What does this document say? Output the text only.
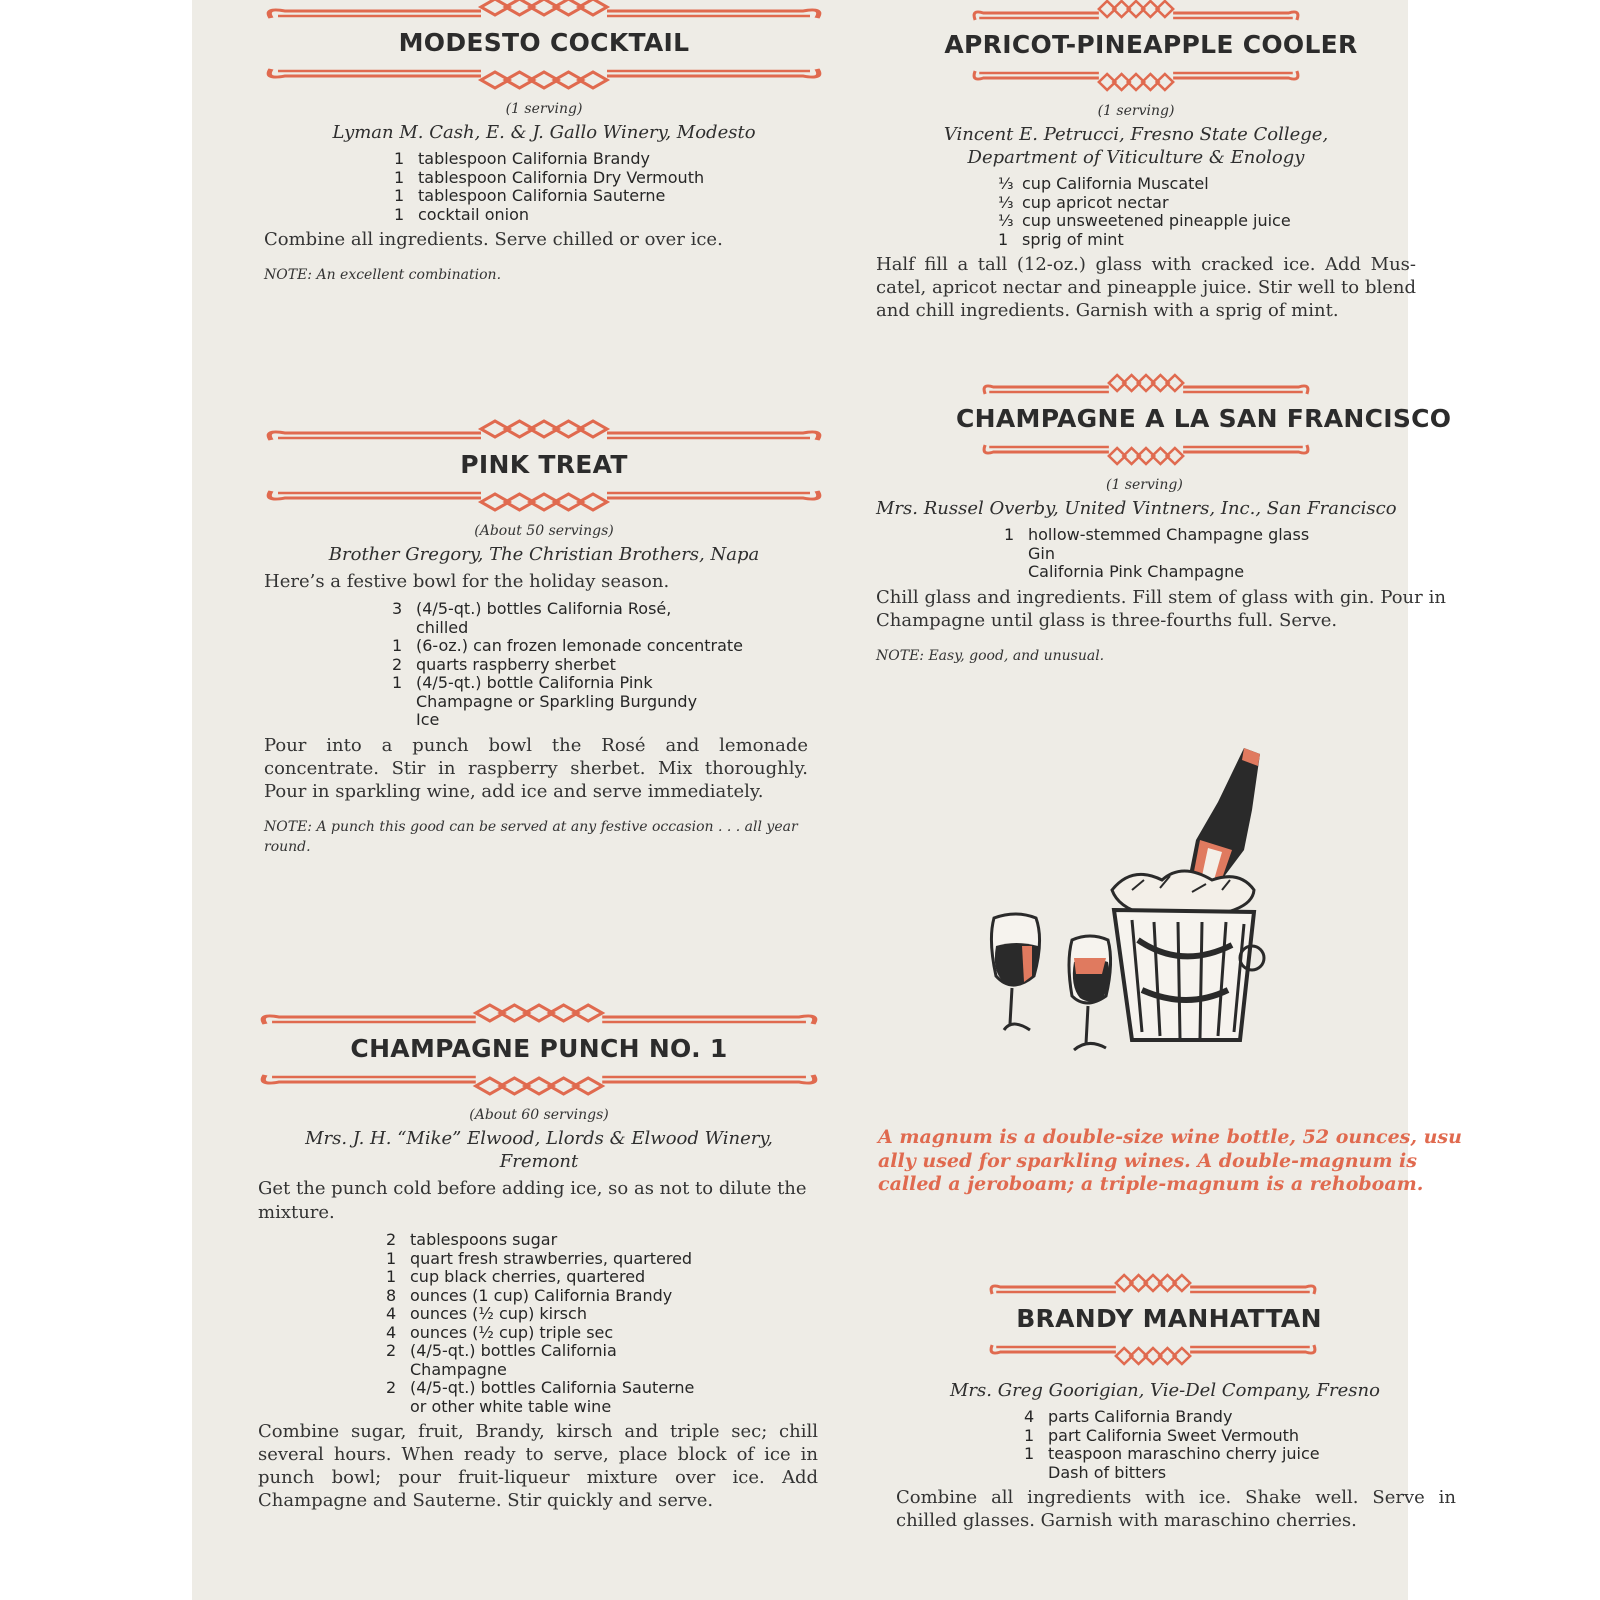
MODESTO COCKTAIL
(1 serving)
Lyman M. Cash, E. & J. Gallo Winery, Modesto
1 tablespoon California Brandy
1 tablespoon California Dry Vermouth
1 tablespoon California Sauterne
1 cocktail onion
Combine all ingredients. Serve chilled or over ice.
NOTE: An excellent combination.
PINK TREAT
(About 50 servings)
Brother Gregory, The Christian Brothers, Napa
Here’s a festive bowl for the holiday season.
3 (4/5-qt.) bottles California Rosé,
chilled
1 (6-oz.) can frozen lemonade concentrate
2 quarts raspberry sherbet
1 (4/5-qt.) bottle California Pink
Champagne or Sparkling Burgundy
Ice
Pour into a punch bowl the Rosé and lemonade concentrate. Stir in raspberry sherbet. Mix thoroughly. Pour in sparkling wine, add ice and serve immediately.
NOTE: A punch this good can be served at any festive occasion . . . all year round.
CHAMPAGNE PUNCH NO. 1
(About 60 servings)
Mrs. J. H. “Mike” Elwood, Llords & Elwood Winery,
Fremont
Get the punch cold before adding ice, so as not to dilute the mixture.
2 tablespoons sugar
1 quart fresh strawberries, quartered
1 cup black cherries, quartered
8 ounces (1 cup) California Brandy
4 ounces (½ cup) kirsch
4 ounces (½ cup) triple sec
2 (4/5-qt.) bottles California
Champagne
2 (4/5-qt.) bottles California Sauterne
or other white table wine
Combine sugar, fruit, Brandy, kirsch and triple sec; chill several hours. When ready to serve, place block of ice in punch bowl; pour fruit-liqueur mixture over ice. Add Champagne and Sauterne. Stir quickly and serve.
APRICOT-PINEAPPLE COOLER
(1 serving)
Vincent E. Petrucci, Fresno State College,
Department of Viticulture & Enology
⅓ cup California Muscatel
⅓ cup apricot nectar
⅓ cup unsweetened pineapple juice
1 sprig of mint
Half fill a tall (12-oz.) glass with cracked ice. Add Muscatel, apricot nectar and pineapple juice. Stir well to blend and chill ingredients. Garnish with a sprig of mint.
CHAMPAGNE A LA SAN FRANCISCO
(1 serving)
Mrs. Russel Overby, United Vintners, Inc., San Francisco
1 hollow-stemmed Champagne glass
Gin
California Pink Champagne
Chill glass and ingredients. Fill stem of glass with gin. Pour in Champagne until glass is three-fourths full. Serve.
NOTE: Easy, good, and unusual.
A magnum is a double-size wine bottle, 52 ounces, usu
ally used for sparkling wines. A double-magnum is
called a jeroboam; a triple-magnum is a rehoboam.
BRANDY MANHATTAN
Mrs. Greg Goorigian, Vie-Del Company, Fresno
4 parts California Brandy
1 part California Sweet Vermouth
1 teaspoon maraschino cherry juice
Dash of bitters
Combine all ingredients with ice. Shake well. Serve in chilled glasses. Garnish with maraschino cherries.
